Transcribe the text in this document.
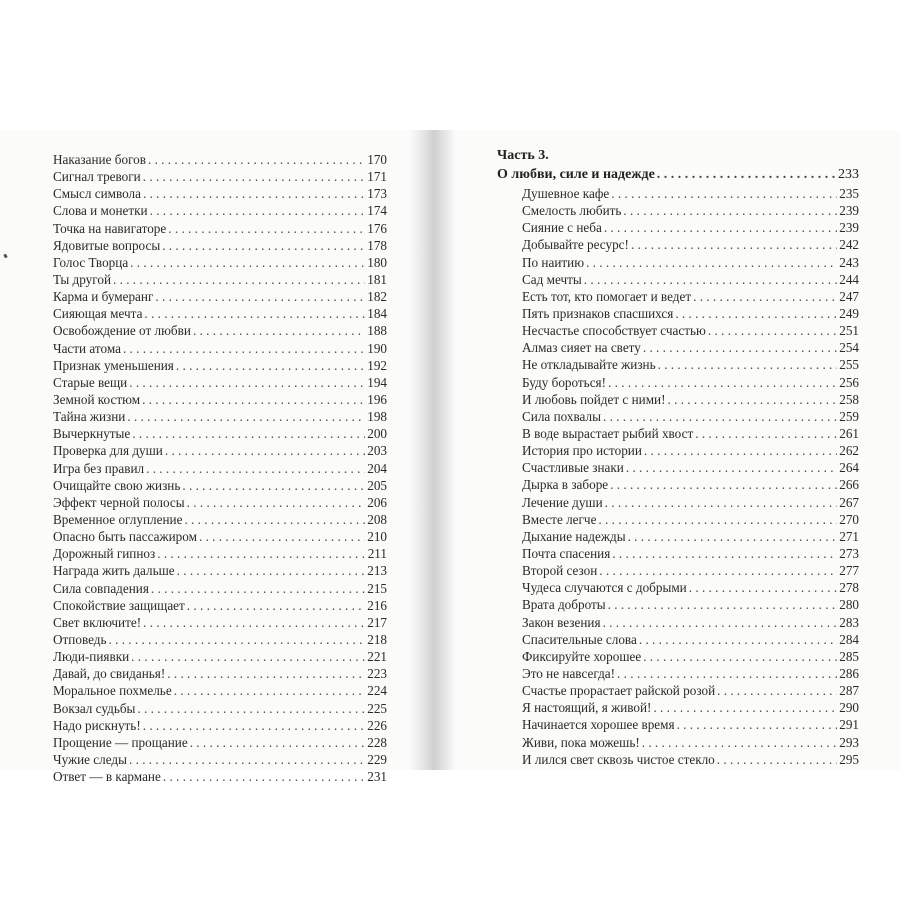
Наказание богов . . .	170
Сигнал тревоги . . .	171
Смысл символа . . .	173
Слова и монетки . . .	174
Точка на навигаторе . . .	176
Ядовитые вопросы . . .	178
Голос Творца . . .	180
Ты другой . . .	181
Карма и бумеранг . . .	182
Сияющая мечта . . .	184
Освобождение от любви . . .	188
Части атома . . .	190
Признак уменьшения . . .	192
Старые вещи . . .	194
Земной костюм . . .	196
Тайна жизни . . .	198
Вычеркнутые . . .	200
Проверка для души . . .	203
Игра без правил . . .	204
Очищайте свою жизнь . . .	205
Эффект черной полосы . . .	206
Временное оглупление . . .	208
Опасно быть пассажиром . . .	210
Дорожный гипноз . . .	211
Награда жить дальше . . .	213
Сила совпадения . . .	215
Спокойствие защищает . . .	216
Свет включите! . . .	217
Отповедь . . .	218
Люди-пиявки . . .	221
Давай, до свиданья! . . .	223
Моральное похмелье . . .	224
Вокзал судьбы . . .	225
Надо рискнуть! . . .	226
Прощение — прощание . . .	228
Чужие следы . . .	229
Ответ — в кармане . . .	231
Часть 3.
О любви, силе и надежде . . .	233
Душевное кафе . . .	235
Смелость любить . . .	239
Сияние с неба . . .	239
Добывайте ресурс! . . .	242
По наитию . . .	243
Сад мечты . . .	244
Есть тот, кто помогает и ведет . . .	247
Пять признаков спасшихся . . .	249
Несчастье способствует счастью . . .	251
Алмаз сияет на свету . . .	254
Не откладывайте жизнь . . .	255
Буду бороться! . . .	256
И любовь пойдет с ними! . . .	258
Сила похвалы . . .	259
В воде вырастает рыбий хвост . . .	261
История про истории . . .	262
Счастливые знаки . . .	264
Дырка в заборе . . .	266
Лечение души . . .	267
Вместе легче . . .	270
Дыхание надежды . . .	271
Почта спасения . . .	273
Второй сезон . . .	277
Чудеса случаются с добрыми . . .	278
Врата доброты . . .	280
Закон везения . . .	283
Спасительные слова . . .	284
Фиксируйте хорошее . . .	285
Это не навсегда! . . .	286
Счастье прорастает райской розой . . .	287
Я настоящий, я живой! . . .	290
Начинается хорошее время . . .	291
Живи, пока можешь! . . .	293
И лился свет сквозь чистое стекло . . .	295
